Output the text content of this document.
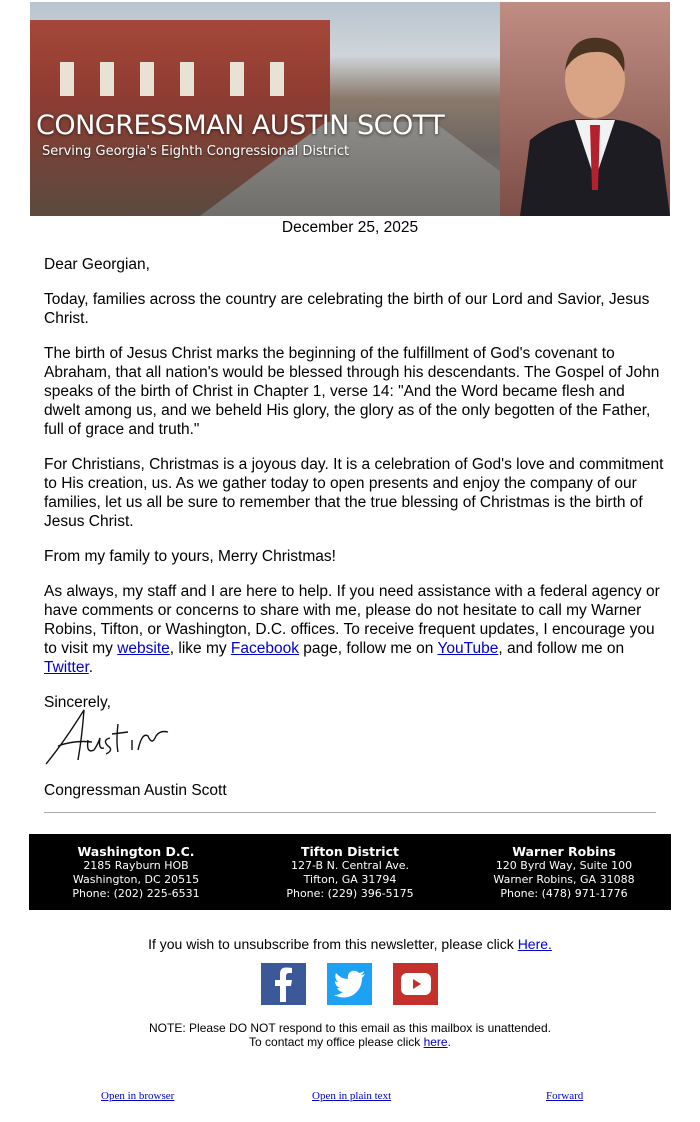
CONGRESSMAN AUSTIN SCOTT
Serving Georgia's Eighth Congressional District
December 25, 2025

Dear Georgian,

Today, families across the country are celebrating the birth of our Lord and Savior, Jesus Christ.

The birth of Jesus Christ marks the beginning of the fulfillment of God's covenant to Abraham, that all nation's would be blessed through his descendants. The Gospel of John speaks of the birth of Christ in Chapter 1, verse 14: "And the Word became flesh and dwelt among us, and we beheld His glory, the glory as of the only begotten of the Father, full of grace and truth."

For Christians, Christmas is a joyous day. It is a celebration of God's love and commitment to His creation, us. As we gather today to open presents and enjoy the company of our families, let us all be sure to remember that the true blessing of Christmas is the birth of Jesus Christ.

From my family to yours, Merry Christmas!

As always, my staff and I are here to help. If you need assistance with a federal agency or have comments or concerns to share with me, please do not hesitate to call my Warner Robins, Tifton, or Washington, D.C. offices. To receive frequent updates, I encourage you to visit my website, like my Facebook page, follow me on YouTube, and follow me on Twitter.

Sincerely,

Congressman Austin Scott

Washington D.C.
2185 Rayburn HOB
Washington, DC 20515
Phone: (202) 225-6531
Tifton District
127-B N. Central Ave.
Tifton, GA 31794
Phone: (229) 396-5175
Warner Robins
120 Byrd Way, Suite 100
Warner Robins, GA 31088
Phone: (478) 971-1776
If you wish to unsubscribe from this newsletter, please click Here.
NOTE: Please DO NOT respond to this email as this mailbox is unattended.
To contact my office please click here.
Open in browser	Open in plain text	Forward
